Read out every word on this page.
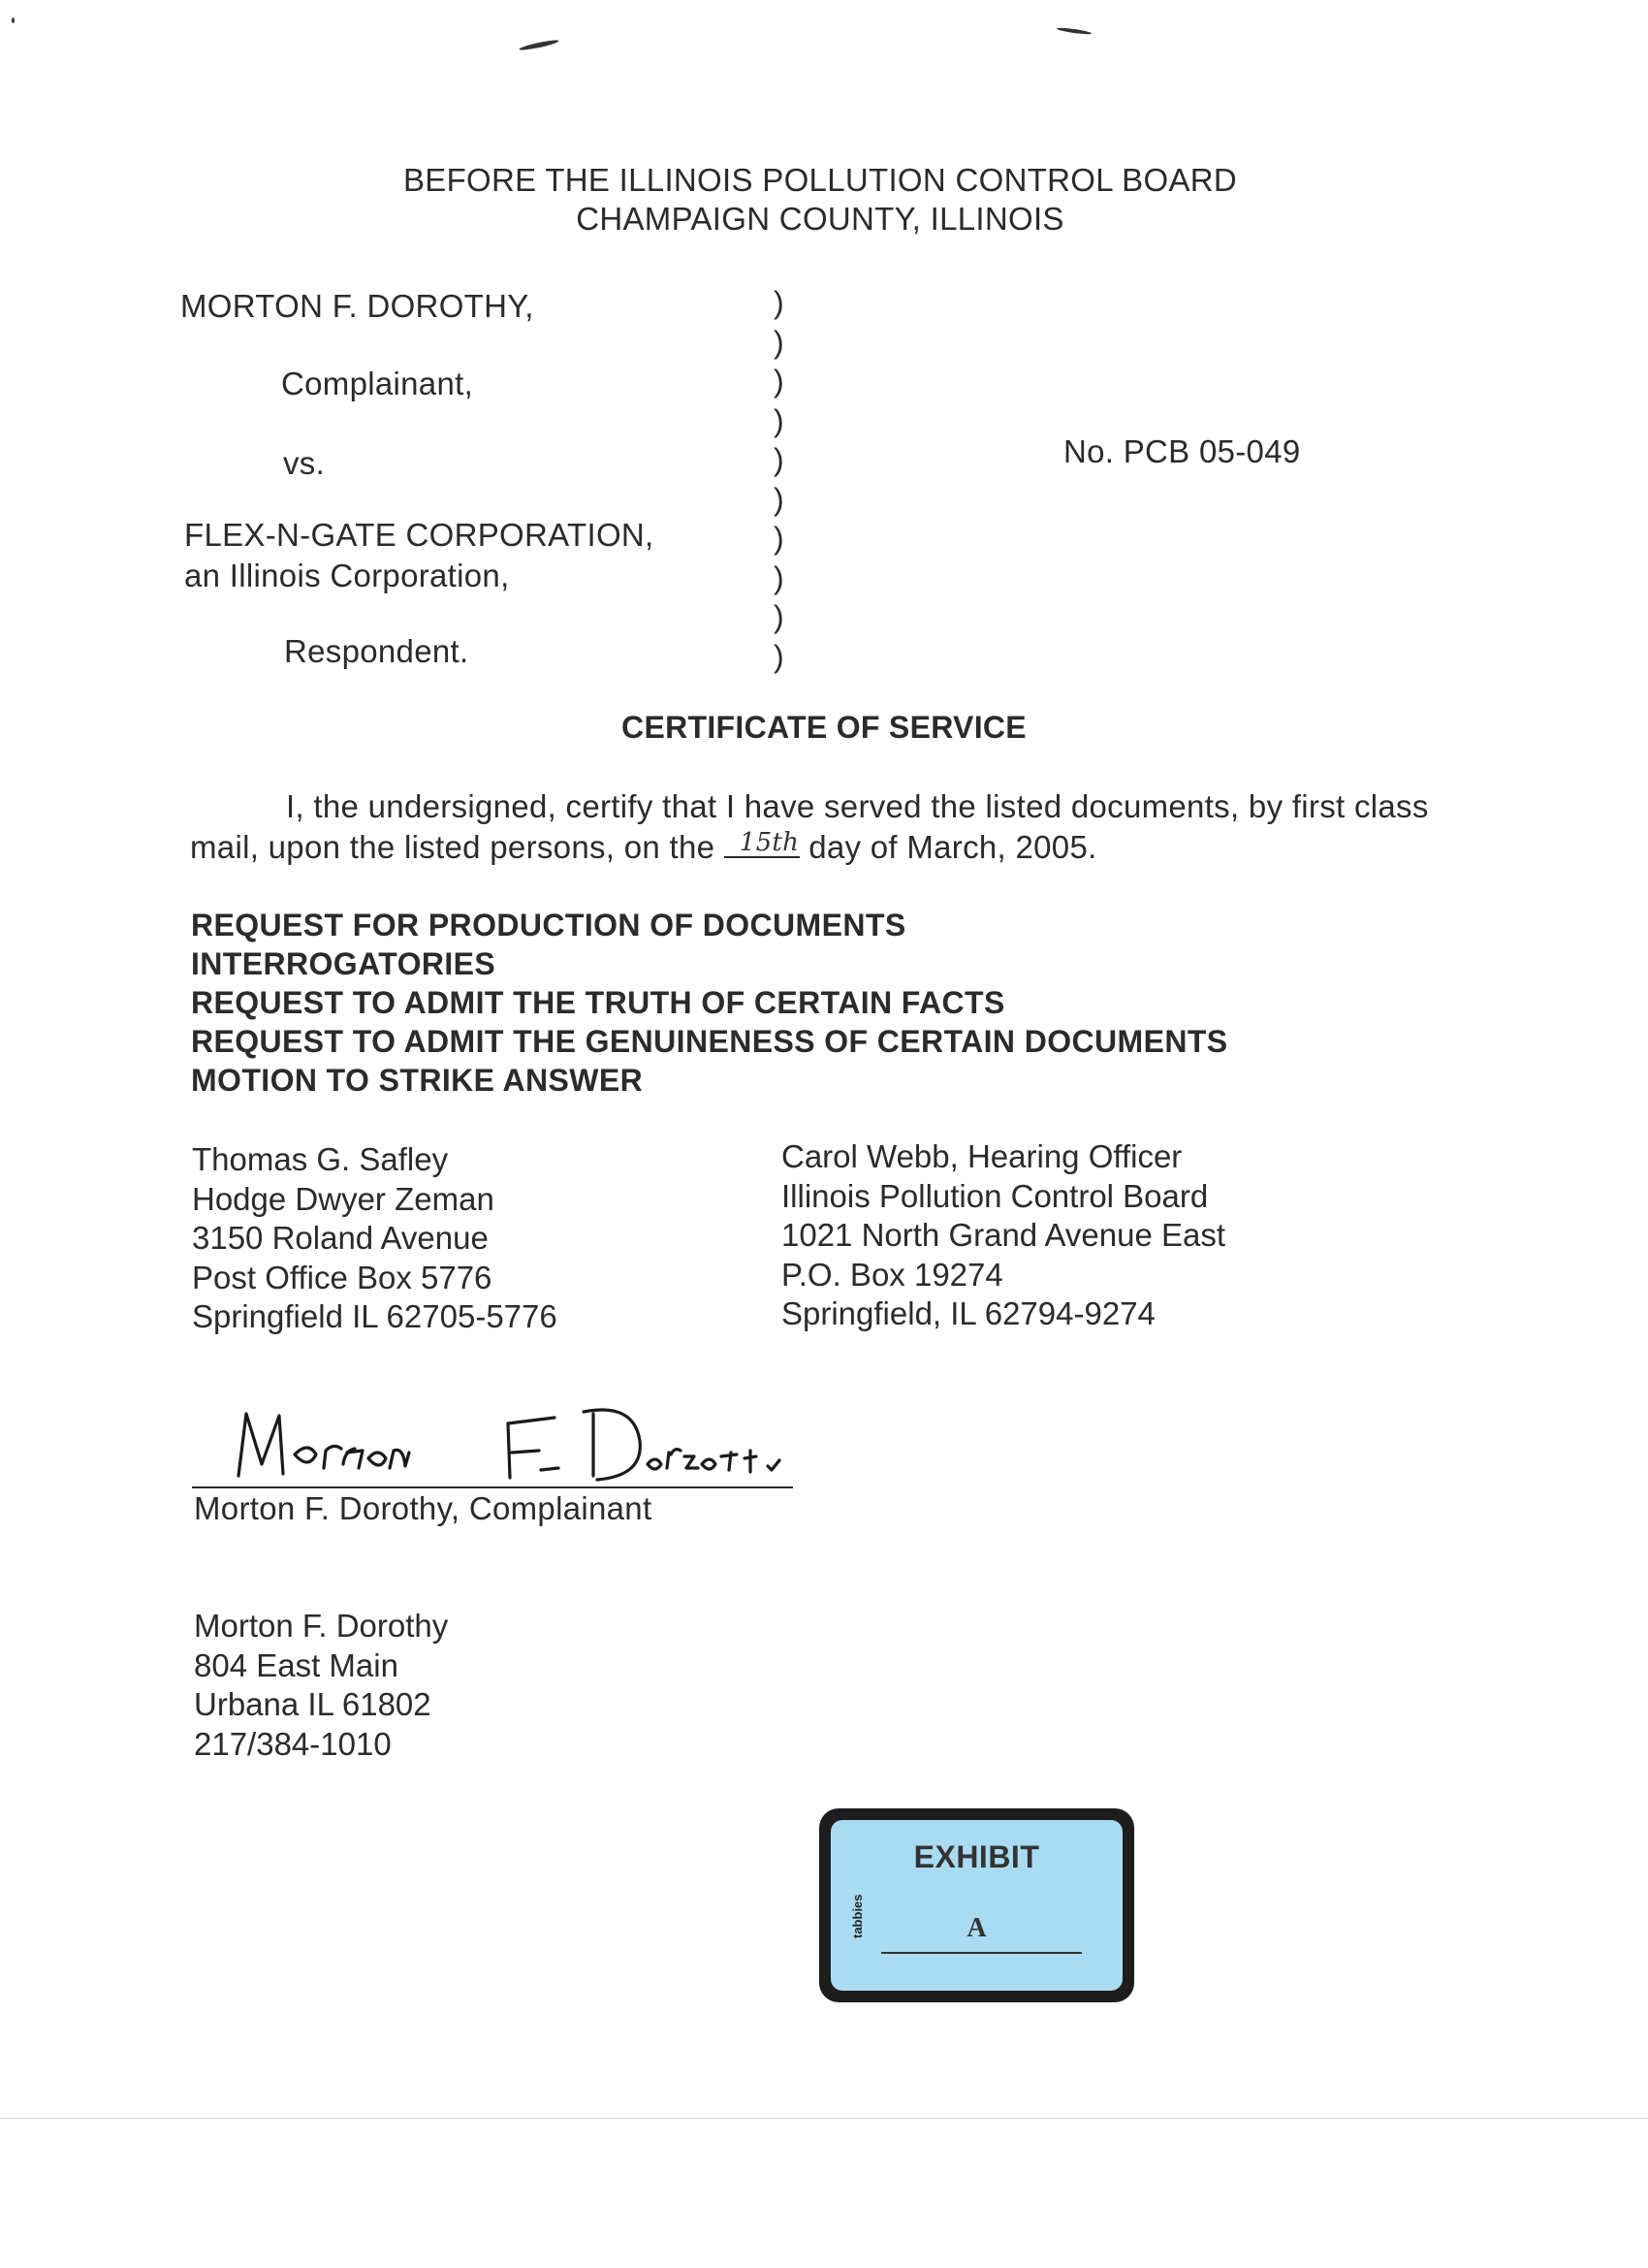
BEFORE THE ILLINOIS POLLUTION CONTROL BOARD
CHAMPAIGN COUNTY, ILLINOIS
MORTON F. DOROTHY,
Complainant,
vs.
FLEX-N-GATE CORPORATION,
an Illinois Corporation,
Respondent.
No. PCB 05-049
)
)
)
)
)
)
)
)
)
)
CERTIFICATE OF SERVICE
I, the undersigned, certify that I have served the listed documents, by first class
mail, upon the listed persons, on the 15th day of March, 2005.
REQUEST FOR PRODUCTION OF DOCUMENTS
INTERROGATORIES
REQUEST TO ADMIT THE TRUTH OF CERTAIN FACTS
REQUEST TO ADMIT THE GENUINENESS OF CERTAIN DOCUMENTS
MOTION TO STRIKE ANSWER
Thomas G. Safley
Hodge Dwyer Zeman
3150 Roland Avenue
Post Office Box 5776
Springfield IL 62705-5776
Carol Webb, Hearing Officer
Illinois Pollution Control Board
1021 North Grand Avenue East
P.O. Box 19274
Springfield, IL 62794-9274
Morton F. Dorothy, Complainant
Morton F. Dorothy
804 East Main
Urbana IL 61802
217/384-1010
EXHIBIT
tabbies	A
